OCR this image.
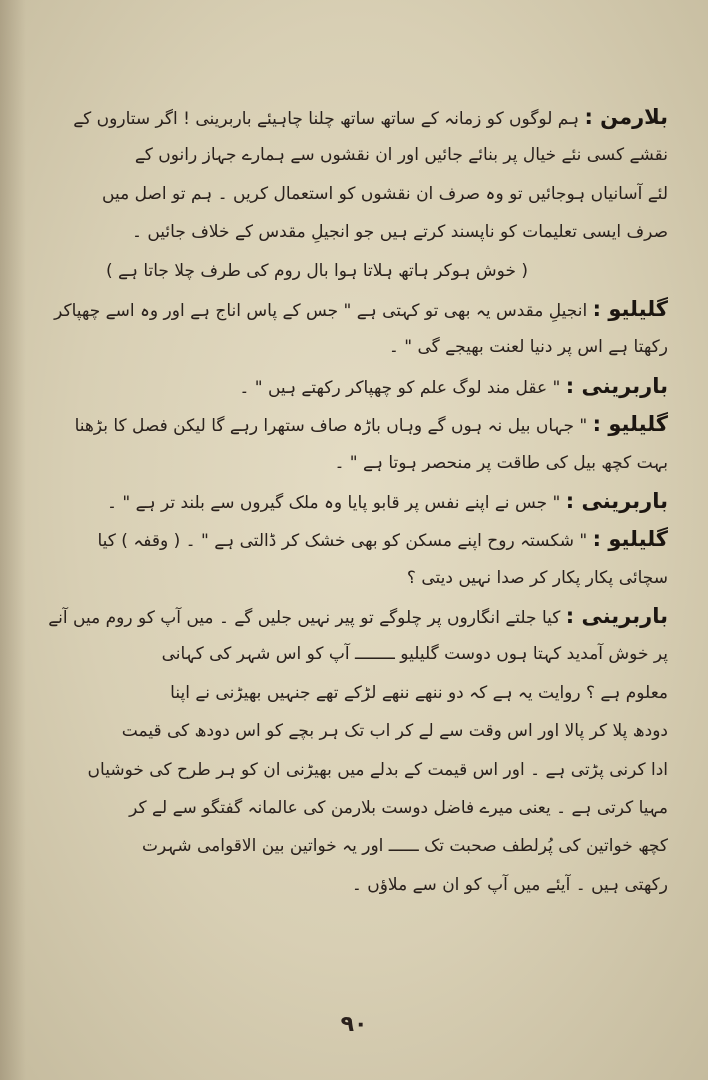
بلارمن : ہم لوگوں کو زمانہ کے ساتھ ساتھ چلنا چاہیئے باربرینی ! اگر ستاروں کے
نقشے کسی نئے خیال پر بنائے جائیں اور ان نقشوں سے ہمارے جہاز رانوں کے
لئے آسانیاں ہوجائیں تو وہ صرف ان نقشوں کو استعمال کریں ۔ ہم تو اصل میں
صرف ایسی تعلیمات کو ناپسند کرتے ہیں جو انجیلِ مقدس کے خلاف جائیں ۔
( خوش ہوکر ہاتھ ہلاتا ہوا بال روم کی طرف چلا جاتا ہے )
گلیلیو : انجیلِ مقدس یہ بھی تو کہتی ہے " جس کے پاس اناج ہے اور وہ اسے چھپاکر
رکھتا ہے اس پر دنیا لعنت بھیجے گی " ۔
باربرینی : " عقل مند لوگ علم کو چھپاکر رکھتے ہیں " ۔
گلیلیو : " جہاں بیل نہ ہوں گے وہاں باڑہ صاف ستھرا رہے گا لیکن فصل کا بڑھنا
بہت کچھ بیل کی طاقت پر منحصر ہوتا ہے " ۔
باربرینی : " جس نے اپنے نفس پر قابو پایا وہ ملک گیروں سے بلند تر ہے " ۔
گلیلیو : " شکستہ روح اپنے مسکن کو بھی خشک کر ڈالتی ہے " ۔ ( وقفہ ) کیا
سچائی پکار پکار کر صدا نہیں دیتی ؟
باربرینی : کیا جلتے انگاروں پر چلوگے تو پیر نہیں جلیں گے ۔ میں آپ کو روم میں آنے
پر خوش آمدید کہتا ہوں دوست گلیلیو ــــــــ آپ کو اس شہر کی کہانی
معلوم ہے ؟ روایت یہ ہے کہ دو ننھے ننھے لڑکے تھے جنہیں بھیڑنی نے اپنا
دودھ پلا کر پالا اور اس وقت سے لے کر اب تک ہر بچے کو اس دودھ کی قیمت
ادا کرنی پڑتی ہے ۔ اور اس قیمت کے بدلے میں بھیڑنی ان کو ہر طرح کی خوشیاں
مہیا کرتی ہے ۔ یعنی میرے فاضل دوست بلارمن کی عالمانہ گفتگو سے لے کر
کچھ خواتین کی پُرلطف صحبت تک ــــــ اور یہ خواتین بین الاقوامی شہرت
رکھتی ہیں ۔ آیئے میں آپ کو ان سے ملاؤں ۔
۹۰
